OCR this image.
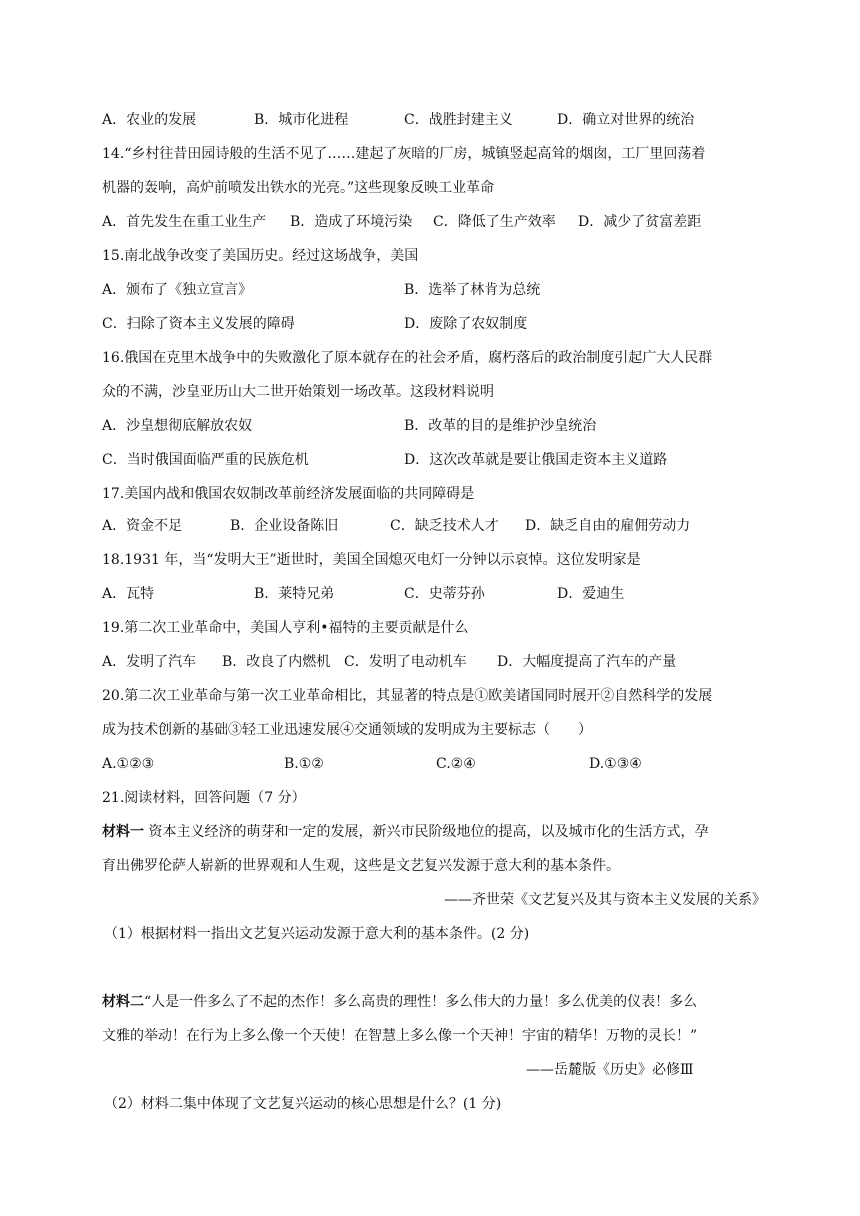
A．农业的发展	B．城市化进程	C．战胜封建主义	D．确立对世界的统治
14.“乡村往昔田园诗般的生活不见了……建起了灰暗的厂房，城镇竖起高耸的烟囱，工厂里回荡着
机器的轰响，高炉前喷发出铁水的光亮。”这些现象反映工业革命
A．首先发生在重工业生产 B．造成了环境污染 C．降低了生产效率 D．减少了贫富差距
15.南北战争改变了美国历史。经过这场战争，美国
A．颁布了《独立宣言》	B．选举了林肯为总统
C．扫除了资本主义发展的障碍	D．废除了农奴制度
16.俄国在克里木战争中的失败激化了原本就存在的社会矛盾，腐朽落后的政治制度引起广大人民群
众的不满，沙皇亚历山大二世开始策划一场改革。这段材料说明
A．沙皇想彻底解放农奴	B．改革的目的是维护沙皇统治
C．当时俄国面临严重的民族危机	D．这次改革就是要让俄国走资本主义道路
17.美国内战和俄国农奴制改革前经济发展面临的共同障碍是
A．资金不足	B．企业设备陈旧	C．缺乏技术人才 D．缺乏自由的雇佣劳动力
18.1931 年，当“发明大王”逝世时，美国全国熄灭电灯一分钟以示哀悼。这位发明家是
A．瓦特	B．莱特兄弟	C．史蒂芬孙	D．爱迪生
19.第二次工业革命中，美国人亨利•福特的主要贡献是什么
A．发明了汽车 B．改良了内燃机 C．发明了电动机车 D．大幅度提高了汽车的产量
20.第二次工业革命与第一次工业革命相比，其显著的特点是①欧美诸国同时展开②自然科学的发展
成为技术创新的基础③轻工业迅速发展④交通领域的发明成为主要标志（　　）
A.①②③	B.①②	C.②④	D.①③④
21.阅读材料，回答问题（7 分）
材料一 资本主义经济的萌芽和一定的发展，新兴市民阶级地位的提高，以及城市化的生活方式，孕
育出佛罗伦萨人崭新的世界观和人生观，这些是文艺复兴发源于意大利的基本条件。
——齐世荣《文艺复兴及其与资本主义发展的关系》
（1）根据材料一指出文艺复兴运动发源于意大利的基本条件。(2 分)
材料二“人是一件多么了不起的杰作！多么高贵的理性！多么伟大的力量！多么优美的仪表！多么
文雅的举动！在行为上多么像一个天使！在智慧上多么像一个天神！宇宙的精华！万物的灵长！”
——岳麓版《历史》必修Ⅲ
（2）材料二集中体现了文艺复兴运动的核心思想是什么？(1 分)
